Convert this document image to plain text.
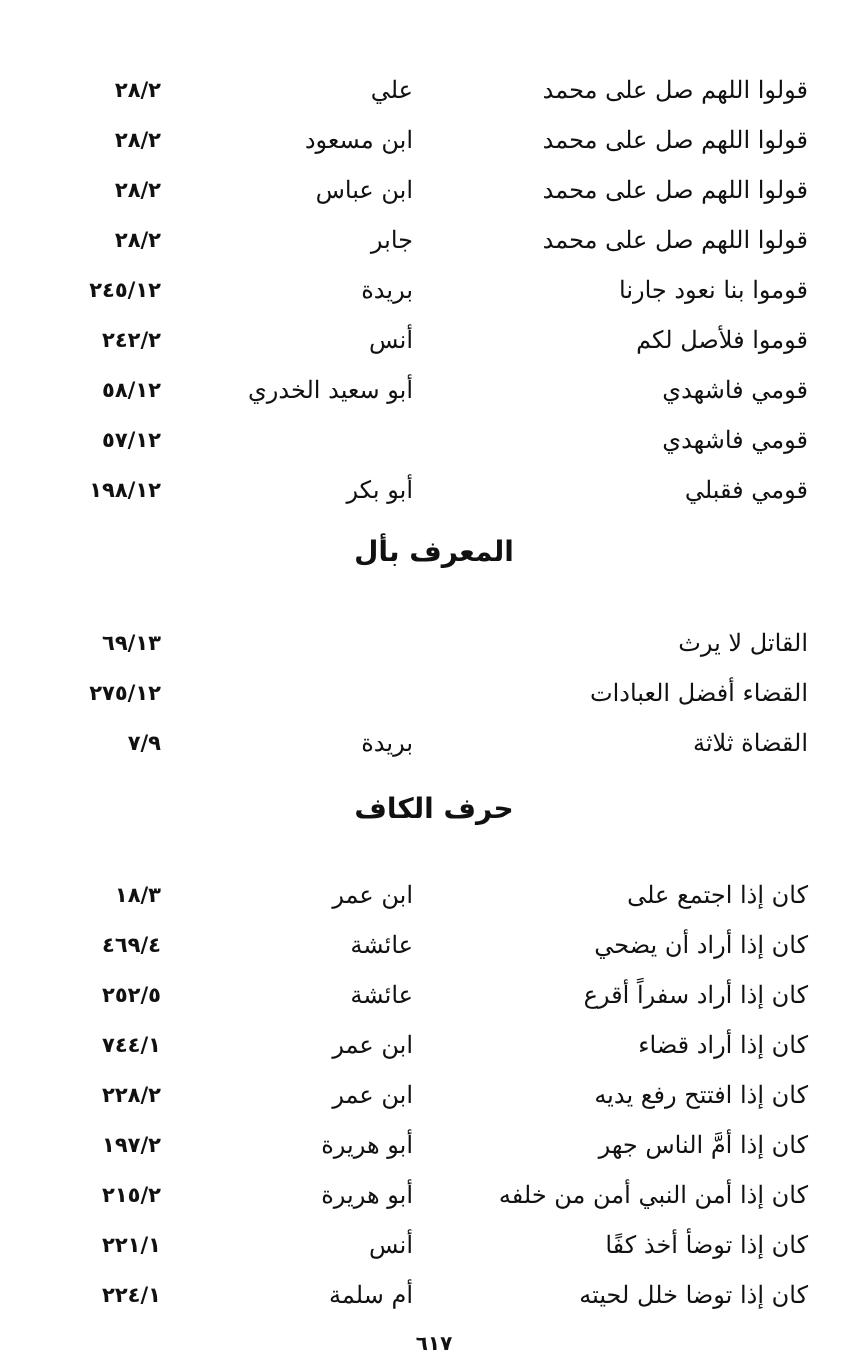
قولوا اللهم صل على محمد
علي
٢٨/٢
قولوا اللهم صل على محمد
ابن مسعود
٢٨/٢
قولوا اللهم صل على محمد
ابن عباس
٢٨/٢
قولوا اللهم صل على محمد
جابر
٢٨/٢
قوموا بنا نعود جارنا
بريدة
٢٤٥/١٢
قوموا فلأصل لكم
أنس
٢٤٢/٢
قومي فاشهدي
أبو سعيد الخدري
٥٨/١٢
قومي فاشهدي
٥٧/١٢
قومي فقبلي
أبو بكر
١٩٨/١٢
المعرف بأل
القاتل لا يرث
٦٩/١٣
القضاء أفضل العبادات
٢٧٥/١٢
القضاة ثلاثة
بريدة
٧/٩
حرف الكاف
كان إذا اجتمع على
ابن عمر
١٨/٣
كان إذا أراد أن يضحي
عائشة
٤٦٩/٤
كان إذا أراد سفراً أقرع
عائشة
٢٥٢/٥
كان إذا أراد قضاء
ابن عمر
٧٤٤/١
كان إذا افتتح رفع يديه
ابن عمر
٢٢٨/٢
كان إذا أمَّ الناس جهر
أبو هريرة
١٩٧/٢
كان إذا أمن النبي أمن من خلفه
أبو هريرة
٢١٥/٢
كان إذا توضأ أخذ كفًا
أنس
٢٢١/١
كان إذا توضا خلل لحيته
أم سلمة
٢٢٤/١
٦١٧
